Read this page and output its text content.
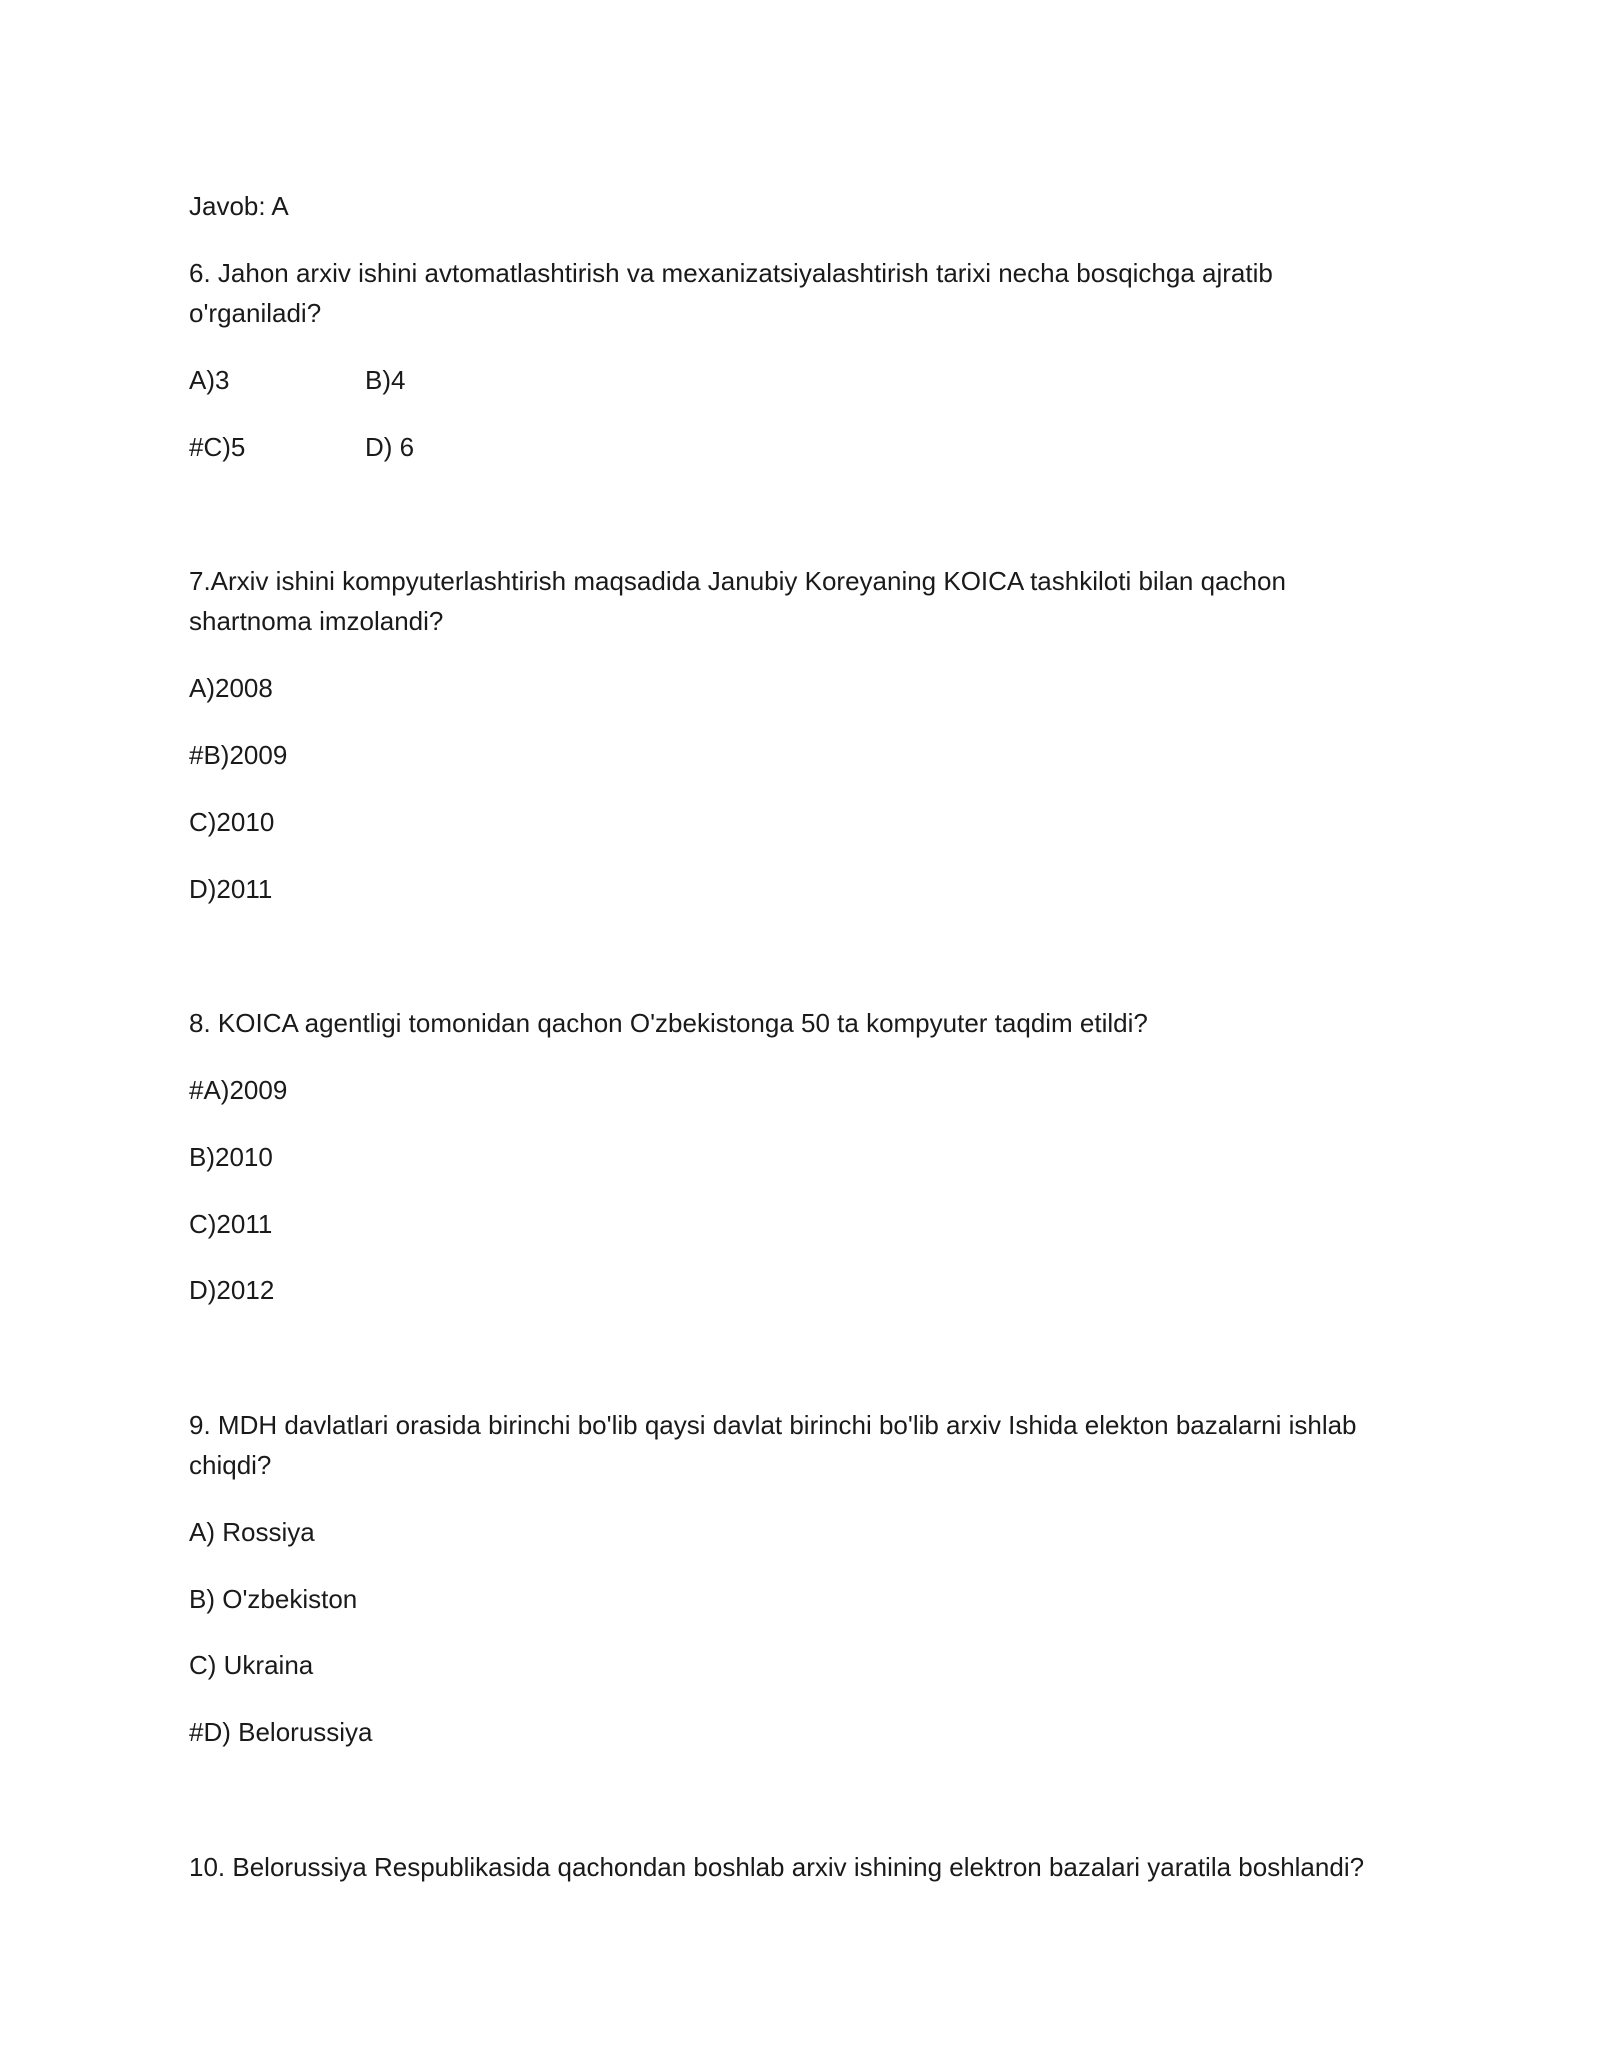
Javob: A
6. Jahon arxiv ishini avtomatlashtirish va mexanizatsiyalashtirish tarixi necha bosqichga ajratib o'rganiladi?
A)3	B)4
#C)5	D) 6
7.Arxiv ishini kompyuterlashtirish maqsadida Janubiy Koreyaning KOICA tashkiloti bilan qachon shartnoma imzolandi?
A)2008
#B)2009
C)2010
D)2011
8. KOICA agentligi tomonidan qachon O'zbekistonga 50 ta kompyuter taqdim etildi?
#A)2009
B)2010
C)2011
D)2012
9. MDH davlatlari orasida birinchi bo'lib qaysi davlat birinchi bo'lib arxiv Ishida elekton bazalarni ishlab chiqdi?
A) Rossiya
B) O'zbekiston
C) Ukraina
#D) Belorussiya
10. Belorussiya Respublikasida qachondan boshlab arxiv ishining elektron bazalari yaratila boshlandi?
